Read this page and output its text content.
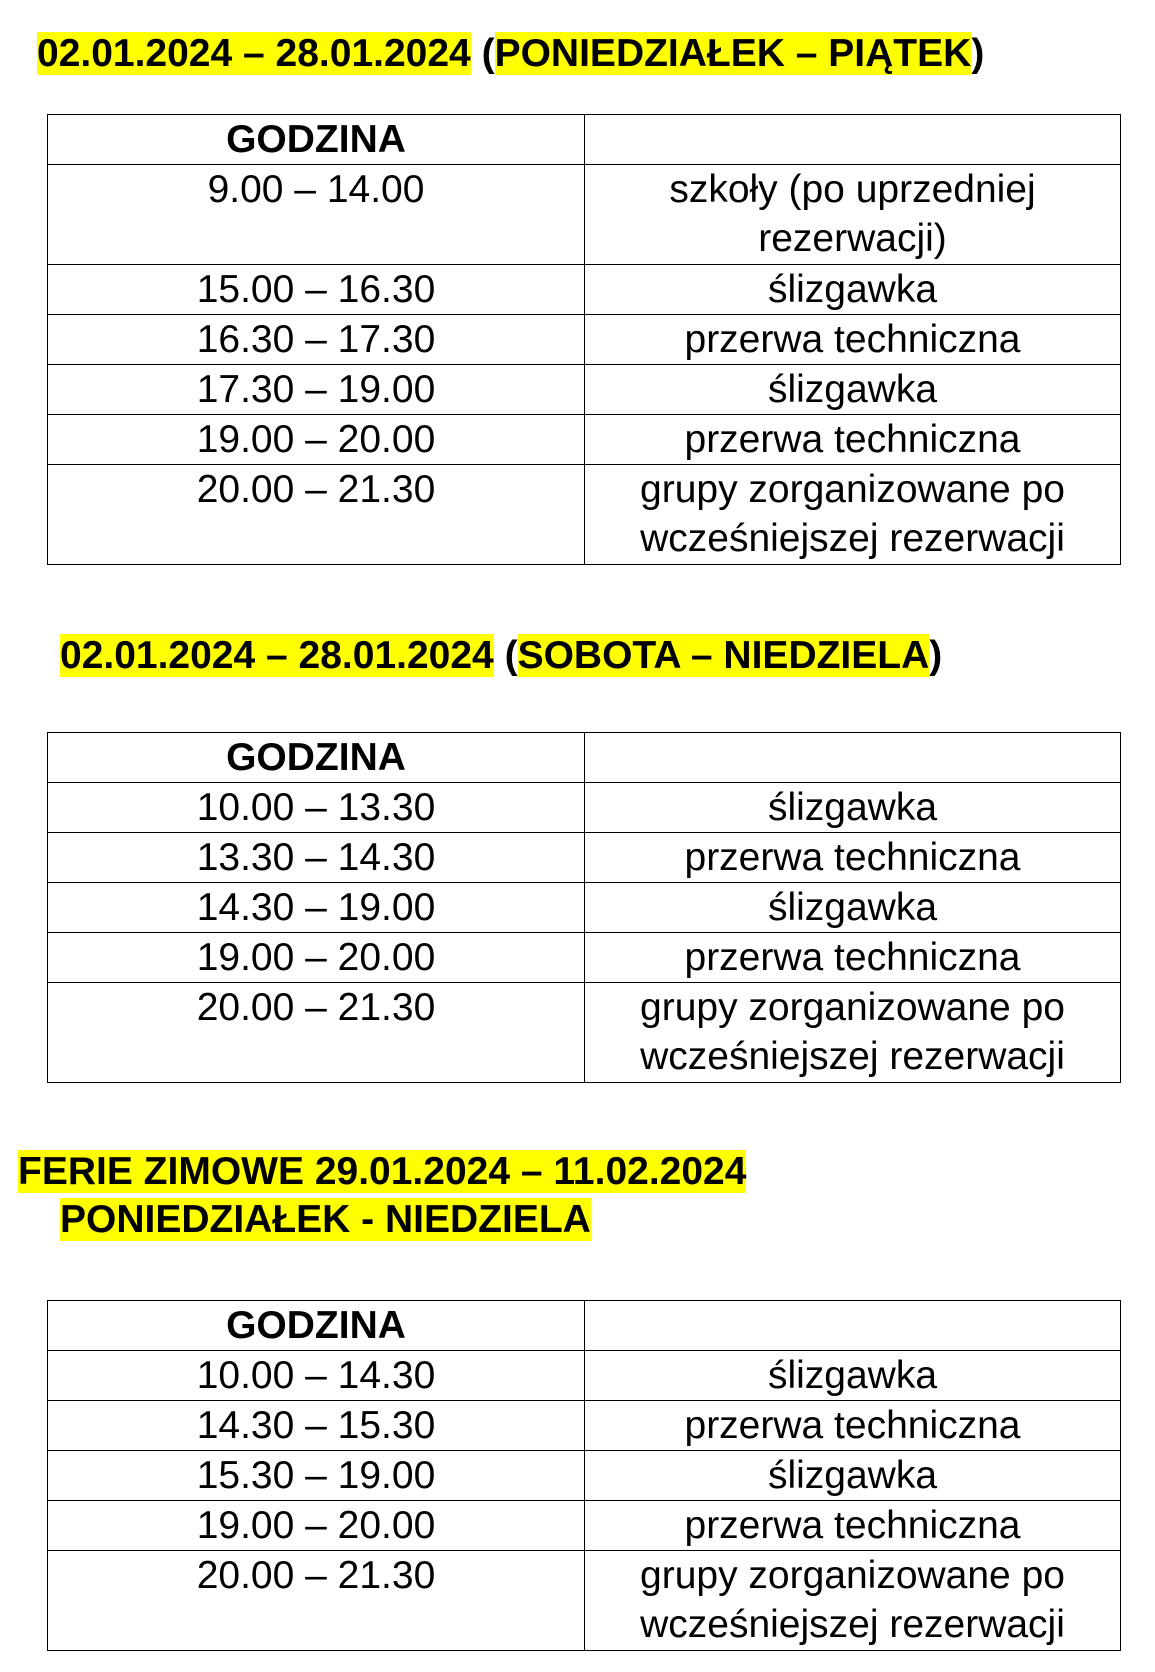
02.01.2024 – 28.01.2024 (PONIEDZIAŁEK – PIĄTEK)
GODZINA	
9.00 – 14.00	szkoły (po uprzedniej rezerwacji)
15.00 – 16.30	ślizgawka
16.30 – 17.30	przerwa techniczna
17.30 – 19.00	ślizgawka
19.00 – 20.00	przerwa techniczna
20.00 – 21.30	grupy zorganizowane po wcześniejszej rezerwacji
02.01.2024 – 28.01.2024 (SOBOTA – NIEDZIELA)
GODZINA	
10.00 – 13.30	ślizgawka
13.30 – 14.30	przerwa techniczna
14.30 – 19.00	ślizgawka
19.00 – 20.00	przerwa techniczna
20.00 – 21.30	grupy zorganizowane po wcześniejszej rezerwacji
FERIE ZIMOWE 29.01.2024 – 11.02.2024
PONIEDZIAŁEK - NIEDZIELA
GODZINA	
10.00 – 14.30	ślizgawka
14.30 – 15.30	przerwa techniczna
15.30 – 19.00	ślizgawka
19.00 – 20.00	przerwa techniczna
20.00 – 21.30	grupy zorganizowane po wcześniejszej rezerwacji
